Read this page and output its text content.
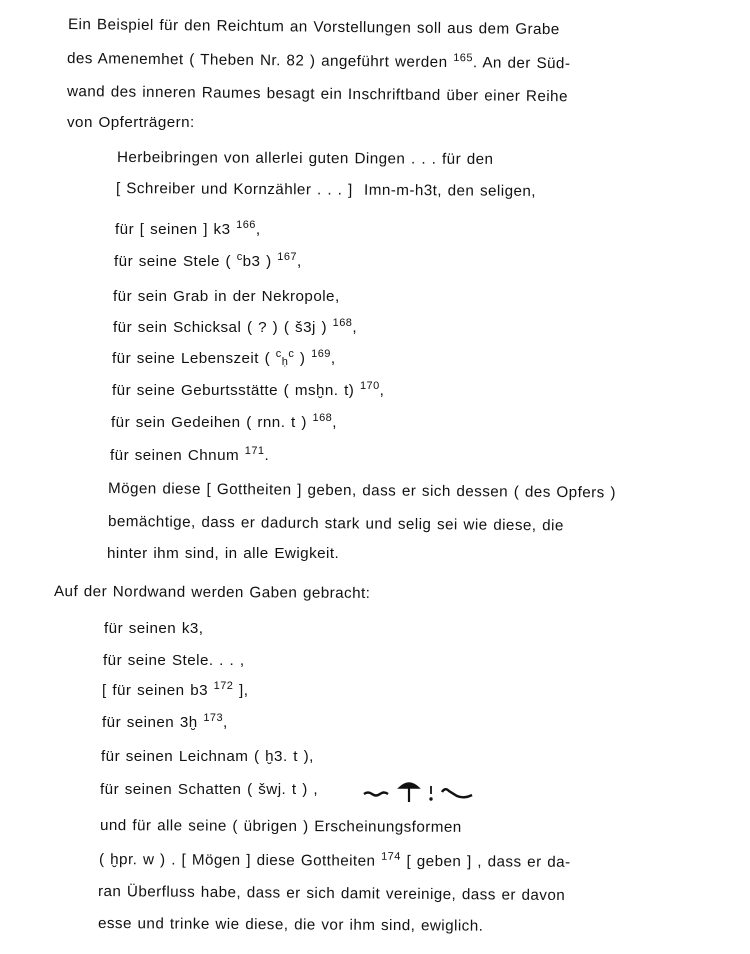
Ein Beispiel für den Reichtum an Vorstellungen soll aus dem Grabe
des Amenemhet ( Theben Nr. 82 ) angeführt werden $^{165}$. An der Süd-
wand des inneren Raumes besagt ein Inschriftband über einer Reihe
von Opferträgern:
Herbeibringen von allerlei guten Dingen . . . für den
[ Schreiber und Kornzähler . . . ] Imn-m-h3t, den seligen,
für [ seinen ] k3 $^{166}$,
für seine Stele ( $^c$b3 ) $^{167}$,
für sein Grab in der Nekropole,
für sein Schicksal ( ? ) ( š3j ) $^{168}$,
für seine Lebenszeit ( $^c_ḥ^c$ ) $^{169}$,
für seine Geburtsstätte ( msḫn. t) $^{170}$,
für sein Gedeihen ( rnn. t ) $^{168}$,
für seinen Chnum $^{171}$.
Mögen diese [ Gottheiten ] geben, dass er sich dessen ( des Opfers )
bemächtige, dass er dadurch stark und selig sei wie diese, die
hinter ihm sind, in alle Ewigkeit.
Auf der Nordwand werden Gaben gebracht:
für seinen k3,
für seine Stele. . . ,
[ für seinen b3 $^{172}$ ],
für seinen 3ḫ $^{173}$,
für seinen Leichnam ( ḫ3. t ),
für seinen Schatten ( šwj. t ) ,
und für alle seine ( übrigen ) Erscheinungsformen
( ḫpr. w ) . [ Mögen ] diese Gottheiten $^{174}$ [ geben ] , dass er da-
ran Überfluss habe, dass er sich damit vereinige, dass er davon
esse und trinke wie diese, die vor ihm sind, ewiglich.
